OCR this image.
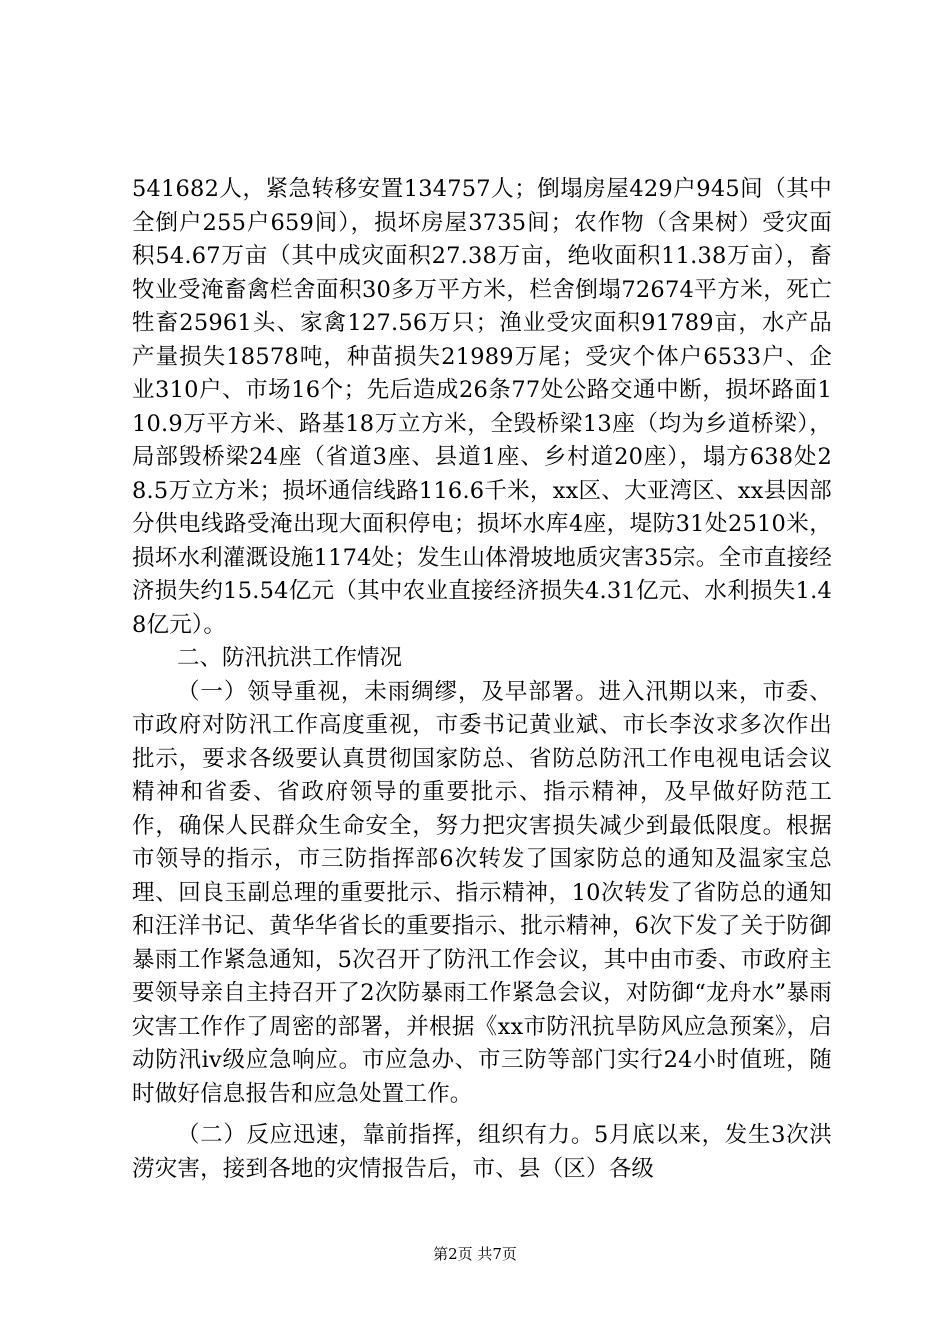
541682人，紧急转移安置134757人；倒塌房屋429户945间（其中全倒户255户659间），损坏房屋3735间；农作物（含果树）受灾面积54.67万亩（其中成灾面积27.38万亩，绝收面积11.38万亩），畜牧业受淹畜禽栏舍面积30多万平方米，栏舍倒塌72674平方米，死亡牲畜25961头、家禽127.56万只；渔业受灾面积91789亩，水产品产量损失18578吨，种苗损失21989万尾；受灾个体户6533户、企业310户、市场16个；先后造成26条77处公路交通中断，损坏路面110.9万平方米、路基18万立方米，全毁桥梁13座（均为乡道桥梁），局部毁桥梁24座（省道3座、县道1座、乡村道20座），塌方638处28.5万立方米；损坏通信线路116.6千米，xx区、大亚湾区、xx县因部分供电线路受淹出现大面积停电；损坏水库4座，堤防31处2510米，损坏水利灌溉设施1174处；发生山体滑坡地质灾害35宗。全市直接经济损失约15.54亿元（其中农业直接经济损失4.31亿元、水利损失1.48亿元）。

二、防汛抗洪工作情况

（一）领导重视，未雨绸缪，及早部署。进入汛期以来，市委、市政府对防汛工作高度重视，市委书记黄业斌、市长李汝求多次作出批示，要求各级要认真贯彻国家防总、省防总防汛工作电视电话会议精神和省委、省政府领导的重要批示、指示精神，及早做好防范工作，确保人民群众生命安全，努力把灾害损失减少到最低限度。根据市领导的指示，市三防指挥部6次转发了国家防总的通知及温家宝总理、回良玉副总理的重要批示、指示精神，10次转发了省防总的通知和汪洋书记、黄华华省长的重要指示、批示精神，6次下发了关于防御暴雨工作紧急通知，5次召开了防汛工作会议，其中由市委、市政府主要领导亲自主持召开了2次防暴雨工作紧急会议，对防御“龙舟水”暴雨灾害工作作了周密的部署，并根据《xx市防汛抗旱防风应急预案》，启动防汛iv级应急响应。市应急办、市三防等部门实行24小时值班，随时做好信息报告和应急处置工作。

（二）反应迅速，靠前指挥，组织有力。5月底以来，发生3次洪涝灾害，接到各地的灾情报告后，市、县（区）各级

第2页 共7页
